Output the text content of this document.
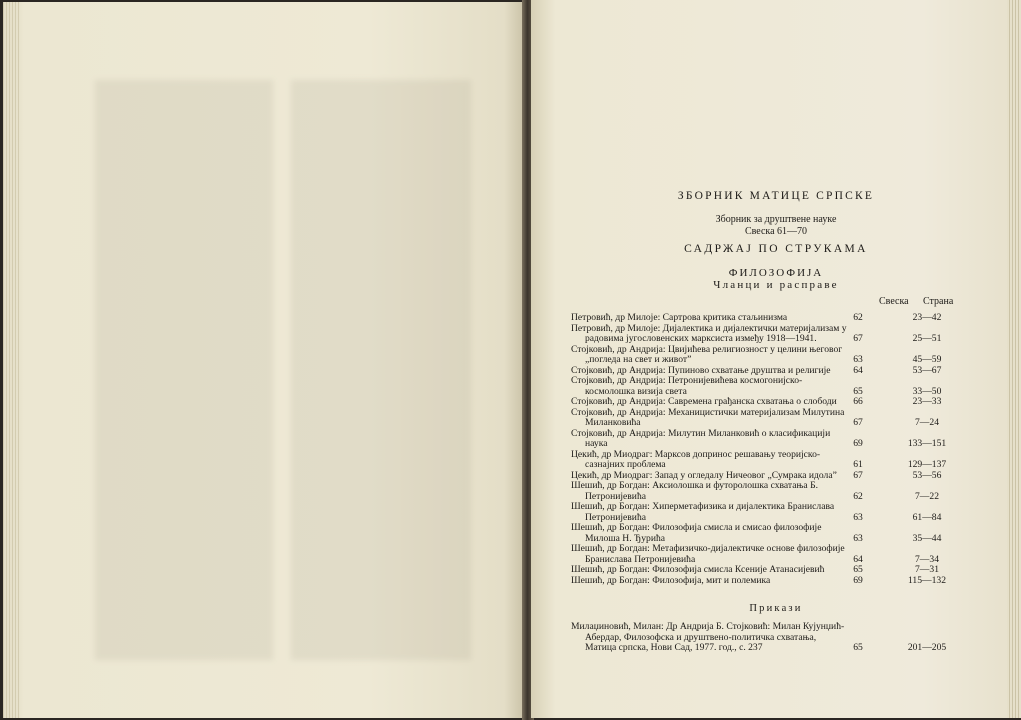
ЗБОРНИК МАТИЦЕ СРПСКЕ
Зборник за друштвене науке
Свеска 61—70
САДРЖАЈ ПО СТРУКАМА
ФИЛОЗОФИЈА
Чланци и расправе
Свеска Страна
Петровић, др Милоје: Сартрова критика стаљинизма	62	23—42
Петровић, др Милоје: Дијалектика и дијалектички материјализам у радовима југословенских марксиста између 1918—1941.	67	25—51
Стојковић, др Андрија: Цвијићева религиозност у целини његовог „погледа на свет и живот”	63	45—59
Стојковић, др Андрија: Пупиново схватање друштва и религије	64	53—67
Стојковић, др Андрија: Петронијевићева космогонијско-космолошка визија света	65	33—50
Стојковић, др Андрија: Савремена грађанска схватања о слободи	66	23—33
Стојковић, др Андрија: Механицистички материјализам Милутина Миланковића	67	7—24
Стојковић, др Андрија: Милутин Миланковић о класификацији наука	69	133—151
Цекић, др Миодраг: Марксов допринос решавању теоријско-сазнајних проблема	61	129—137
Цекић, др Миодраг: Запад у огледалу Ничеовог „Сумрака идола”	67	53—56
Шешић, др Богдан: Аксиолошка и футоролошка схватања Б. Петронијевића	62	7—22
Шешић, др Богдан: Хиперметафизика и дијалектика Бранислава Петронијевића	63	61—84
Шешић, др Богдан: Филозофија смисла и смисао филозофије Милоша Н. Ђурића	63	35—44
Шешић, др Богдан: Метафизичко-дијалектичке основе филозофије Бранислава Петронијевића	64	7—34
Шешић, др Богдан: Филозофија смисла Ксеније Атанасијевић	65	7—31
Шешић, др Богдан: Филозофија, мит и полемика	69	115—132
Прикази
Милаџиновић, Милан: Др Андрија Б. Стојковић: Милан Кујунџић-Абердар, Филозофска и друштвено-политичка схватања, Матица српска, Нови Сад, 1977. год., с. 237	65	201—205
